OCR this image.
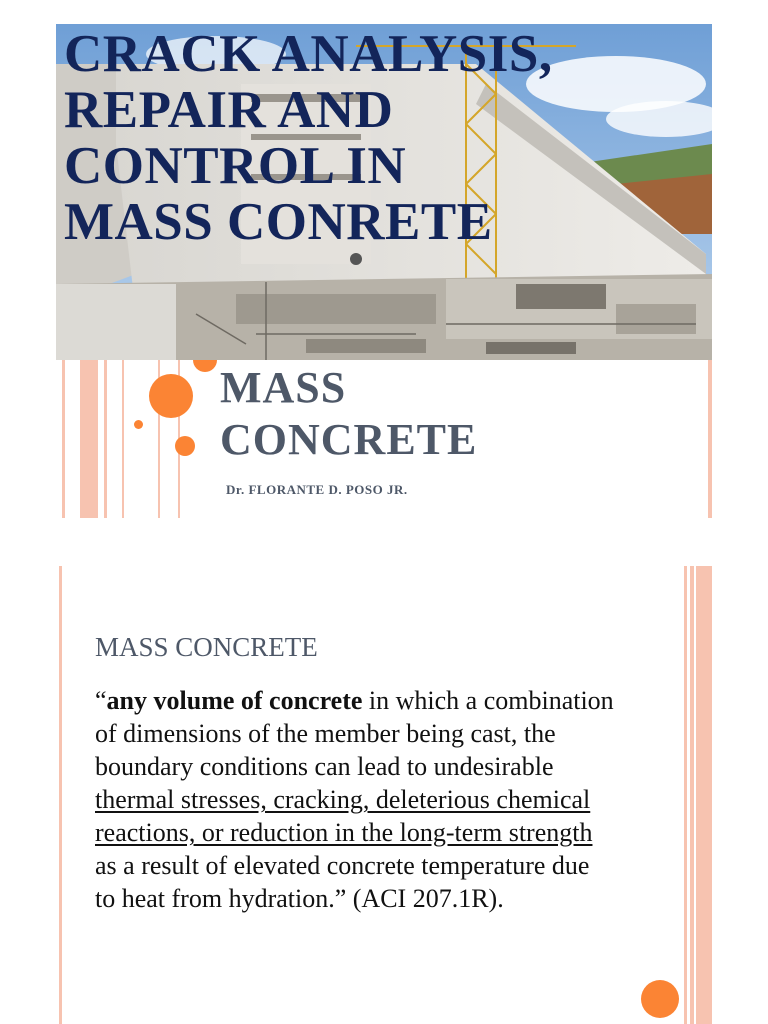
CRACK ANALYSIS,
REPAIR AND
CONTROL IN
MASS CONRETE
MASS
CONCRETE
Dr. FLORANTE D. POSO JR.
MASS CONCRETE

“any volume of concrete in which a combination of dimensions of the member being cast, the boundary conditions can lead to undesirable thermal stresses, cracking, deleterious chemical reactions, or reduction in the long-term strength as a result of elevated concrete temperature due to heat from hydration.” (ACI 207.1R).
